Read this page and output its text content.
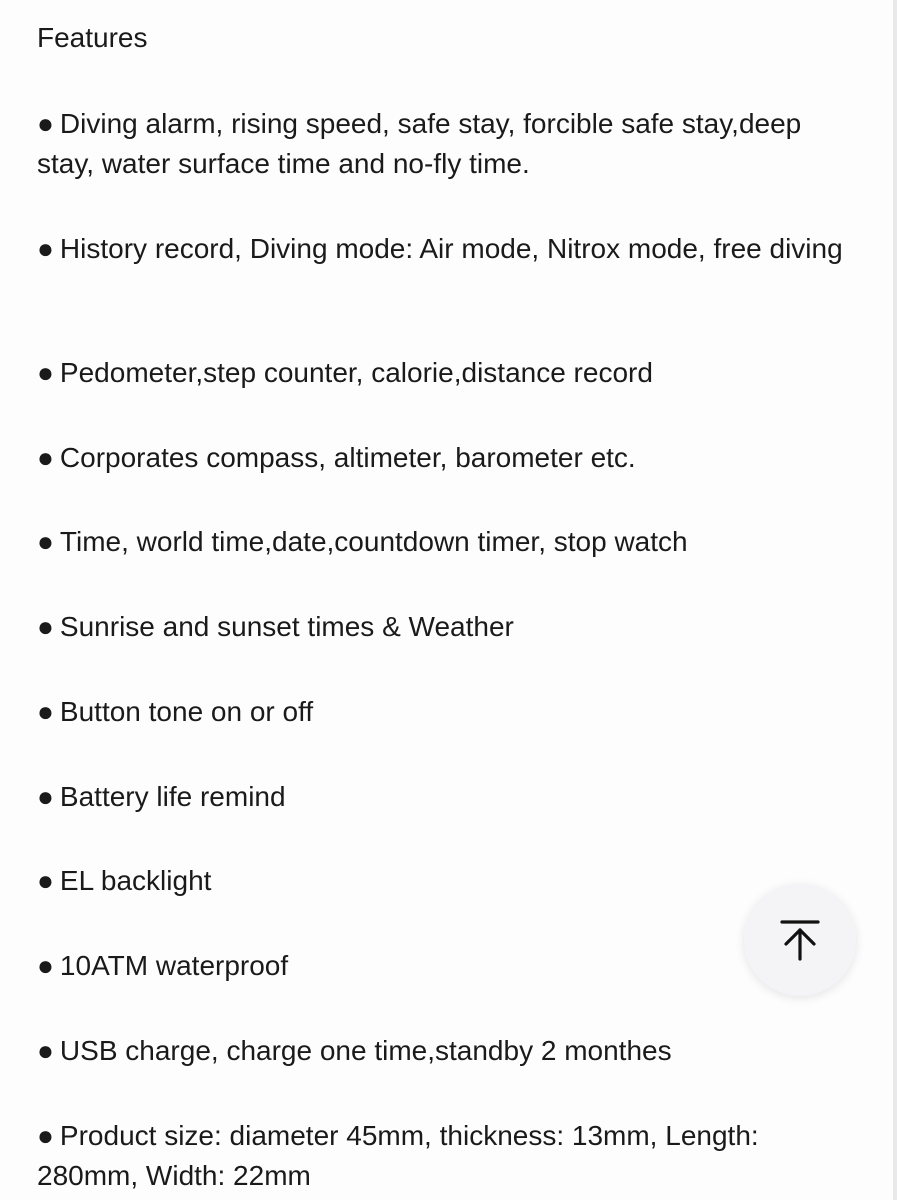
Features
● Diving alarm, rising speed, safe stay, forcible safe stay,deep stay, water surface time and no-fly time.
● History record, Diving mode: Air mode, Nitrox mode, free diving
● Pedometer,step counter, calorie,distance record
● Corporates compass, altimeter, barometer etc.
● Time, world time,date,countdown timer, stop watch
● Sunrise and sunset times & Weather
● Button tone on or off
● Battery life remind
● EL backlight
● 10ATM waterproof
● USB charge, charge one time,standby 2 monthes
● Product size: diameter 45mm, thickness: 13mm, Length: 280mm, Width: 22mm
